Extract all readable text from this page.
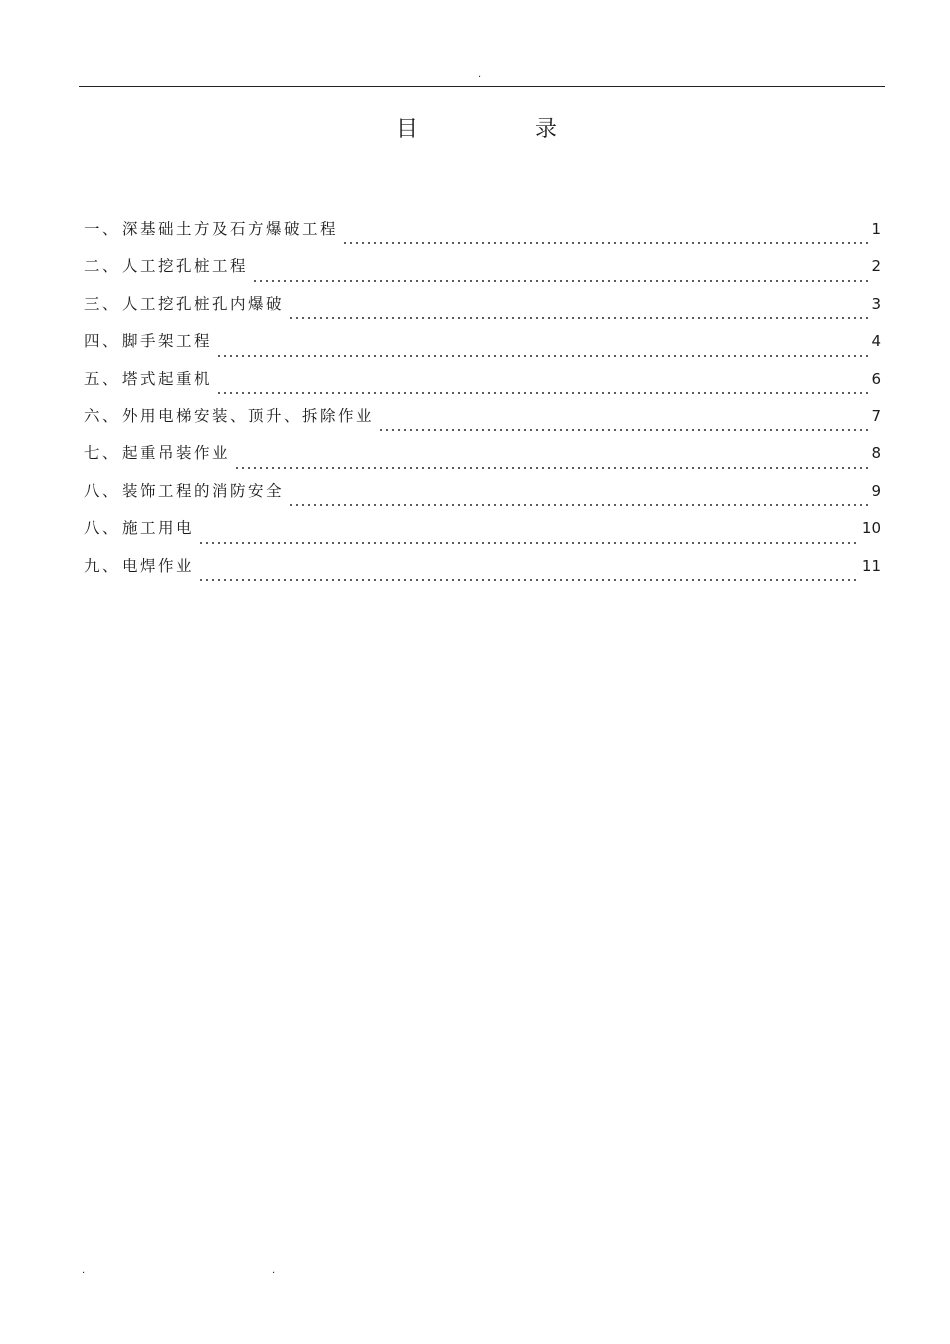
.
目	录
一 、 深基础土方及石方爆破工程	1
二 、 人工挖孔桩工程	2
三 、 人工挖孔桩孔内爆破	3
四 、 脚手架工程	4
五 、 塔式起重机	6
六 、 外用电梯安装、顶升、拆除作业	7
七 、 起重吊装作业	8
八 、 装饰工程的消防安全	9
八 、 施工用电	10
九 、 电焊作业	11
.	.
